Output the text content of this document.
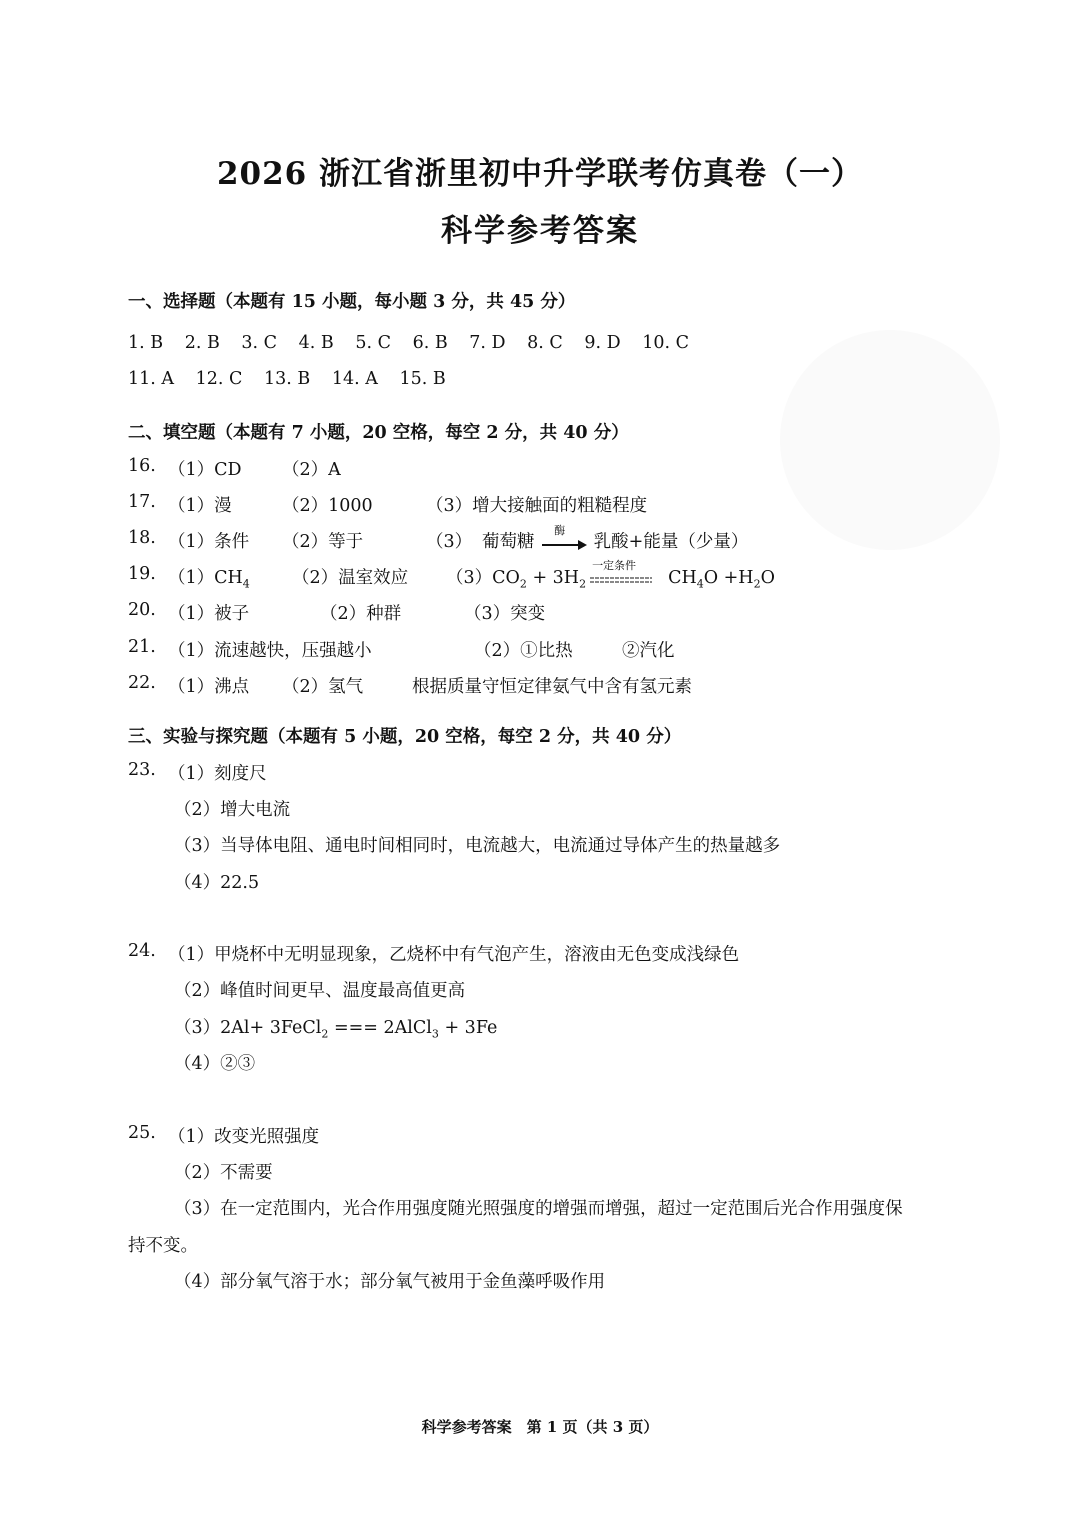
2026 浙江省浙里初中升学联考仿真卷（一）
科学参考答案
一、选择题（本题有 15 小题，每小题 3 分，共 45 分）
1. B 2. B 3. C 4. B 5. C 6. B 7. D 8. C 9. D 10. C
11. A 12. C 13. B 14. A 15. B
二、填空题（本题有 7 小题，20 空格，每空 2 分，共 40 分）
16. （1）CD （2）A
17. （1）漫	（2）1000	（3）增大接触面的粗糙程度
18. （1）条件 （2）等于	（3） 葡萄糖
酶
乳酸+能量（少量）
19. $(1)CH_4$ （2）温室效应 $(3)CO_2 + 3H_2$
一定条件
$CH_4O +H_2O$
20. （1）被子	（2）种群	（3）突变
21. （1）流速越快，压强越小	（2）①比热	②汽化
22. （1）沸点 （2）氢气	根据质量守恒定律氨气中含有氢元素
三、实验与探究题（本题有 5 小题，20 空格，每空 2 分，共 40 分）
23. （1）刻度尺
（2）增大电流
（3）当导体电阻、通电时间相同时，电流越大，电流通过导体产生的热量越多
（4）22.5
24. （1）甲烧杯中无明显现象，乙烧杯中有气泡产生，溶液由无色变成浅绿色
（2）峰值时间更早、温度最高值更高
（3）2Al+ 3FeCl$_2$ === 2AlCl$_3$ + 3Fe
（4）②③
25. （1）改变光照强度
（2）不需要
（3）在一定范围内，光合作用强度随光照强度的增强而增强，超过一定范围后光合作用强度保
持不变。
（4）部分氧气溶于水；部分氧气被用于金鱼藻呼吸作用
科学参考答案　第 1 页（共 3 页）
